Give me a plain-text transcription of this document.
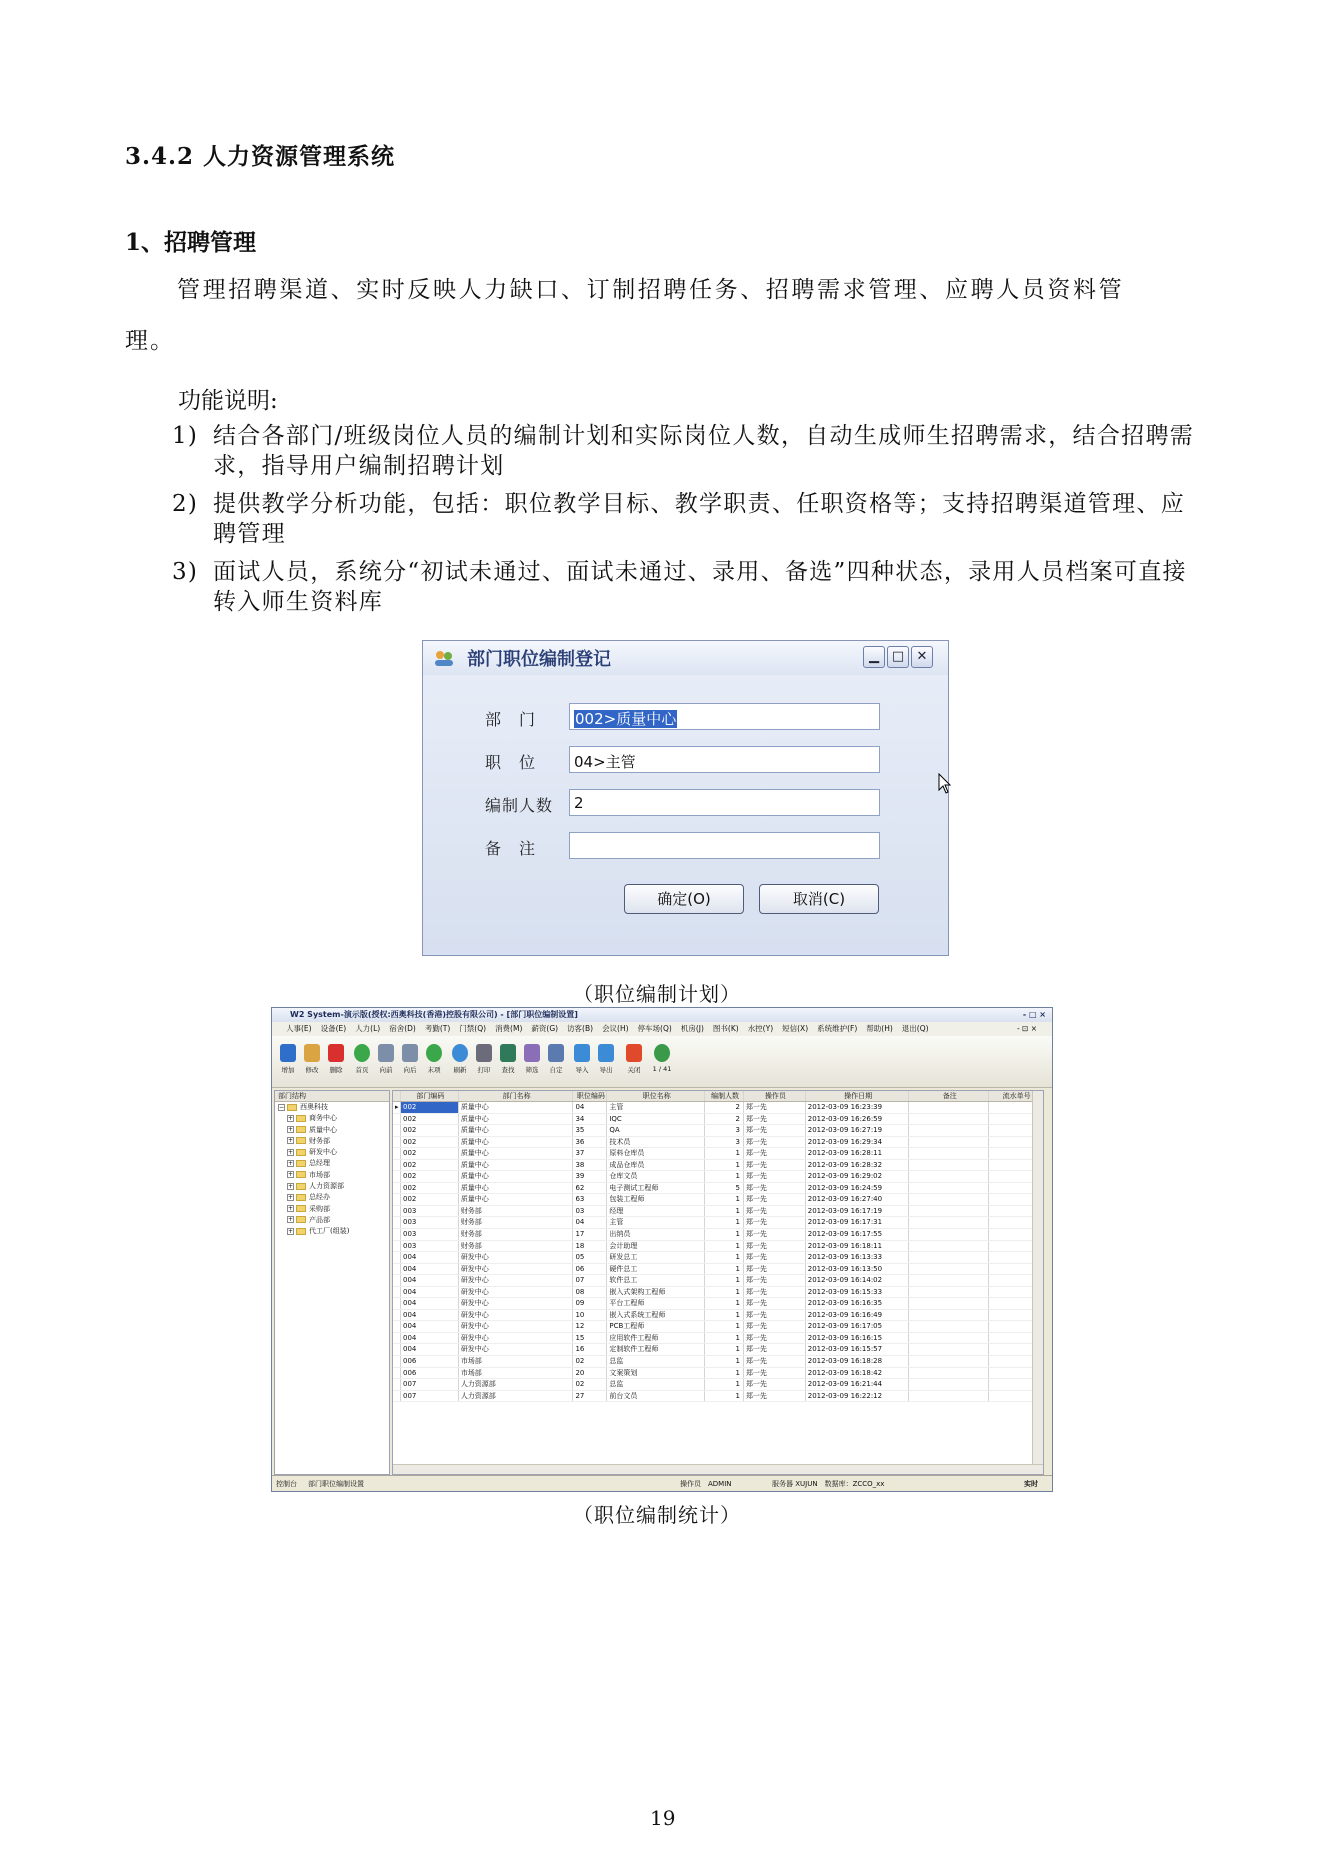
3.4.2 人力资源管理系统
1、招聘管理
管理招聘渠道、实时反映人力缺口、订制招聘任务、招聘需求管理、应聘人员资料管
理。
功能说明:
1) 结合各部门/班级岗位人员的编制计划和实际岗位人数，自动生成师生招聘需求，结合招聘需求，指导用户编制招聘计划
2) 提供教学分析功能，包括：职位教学目标、教学职责、任职资格等；支持招聘渠道管理、应聘管理
3) 面试人员，系统分“初试未通过、面试未通过、录用、备选”四种状态，录用人员档案可直接转入师生资料库
部门职位编制登记	▁ □ ✕
部　门	002>质量中心
职　位	04>主管
编制人数	2
备　注
确定(O)	取消(C)
（职位编制计划）
W2 System-演示版(授权:西奥科技(香港)控股有限公司) - [部门职位编制设置]	- □ ×
人事(E) 设备(E) 人力(L) 宿舍(D) 考勤(T) 门禁(Q) 消费(M) 薪资(G) 访客(B) 会议(H) 停车场(Q) 机房(J) 图书(K) 水控(Y) 短信(X) 系统维护(F) 帮助(H) 退出(Q)	- ⊡ ×
增加	修改	删除	首页	向前	向后	末项	刷新	打印	查找	筛选	自定	导入	导出	关闭	1 / 41
部门结构
− 西奥科技
+ 商务中心
+ 质量中心
+ 财务部
+ 研发中心
+ 总经理
+ 市场部
+ 人力资源部
+ 总经办
+ 采购部
+ 产品部
+ 代工厂(组装)
部门编码	部门名称	职位编码	职位名称	编制人数	操作员	操作日期	备注	流水单号
▸ 002	质量中心	04	主管	2 郑一先	2012-03-09 16:23:39
002	质量中心	34	IQC	2 郑一先	2012-03-09 16:26:59
002	质量中心	35	QA	3 郑一先	2012-03-09 16:27:19
002	质量中心	36	技术员	3 郑一先	2012-03-09 16:29:34
002	质量中心	37	原料仓库员	1 郑一先	2012-03-09 16:28:11
002	质量中心	38	成品仓库员	1 郑一先	2012-03-09 16:28:32
002	质量中心	39	仓库文员	1 郑一先	2012-03-09 16:29:02
002	质量中心	62	电子测试工程师	5 郑一先	2012-03-09 16:24:59
002	质量中心	63	包装工程师	1 郑一先	2012-03-09 16:27:40
003	财务部	03	经理	1 郑一先	2012-03-09 16:17:19
003	财务部	04	主管	1 郑一先	2012-03-09 16:17:31
003	财务部	17	出纳员	1 郑一先	2012-03-09 16:17:55
003	财务部	18	会计助理	1 郑一先	2012-03-09 16:18:11
004	研发中心	05	研发总工	1 郑一先	2012-03-09 16:13:33
004	研发中心	06	硬件总工	1 郑一先	2012-03-09 16:13:50
004	研发中心	07	软件总工	1 郑一先	2012-03-09 16:14:02
004	研发中心	08	嵌入式架构工程师	1 郑一先	2012-03-09 16:15:33
004	研发中心	09	平台工程师	1 郑一先	2012-03-09 16:16:35
004	研发中心	10	嵌入式系统工程师	1 郑一先	2012-03-09 16:16:49
004	研发中心	12	PCB工程师	1 郑一先	2012-03-09 16:17:05
004	研发中心	15	应用软件工程师	1 郑一先	2012-03-09 16:16:15
004	研发中心	16	定制软件工程师	1 郑一先	2012-03-09 16:15:57
006	市场部	02	总监	1 郑一先	2012-03-09 16:18:28
006	市场部	20	文案策划	1 郑一先	2012-03-09 16:18:42
007	人力资源部	02	总监	1 郑一先	2012-03-09 16:21:44
007	人力资源部	27	前台文员	1 郑一先	2012-03-09 16:22:12
控制台 部门职位编制设置	操作员　ADMIN	服务器 XUJUN　数据库：ZCCO_xx	实时
（职位编制统计）
19
